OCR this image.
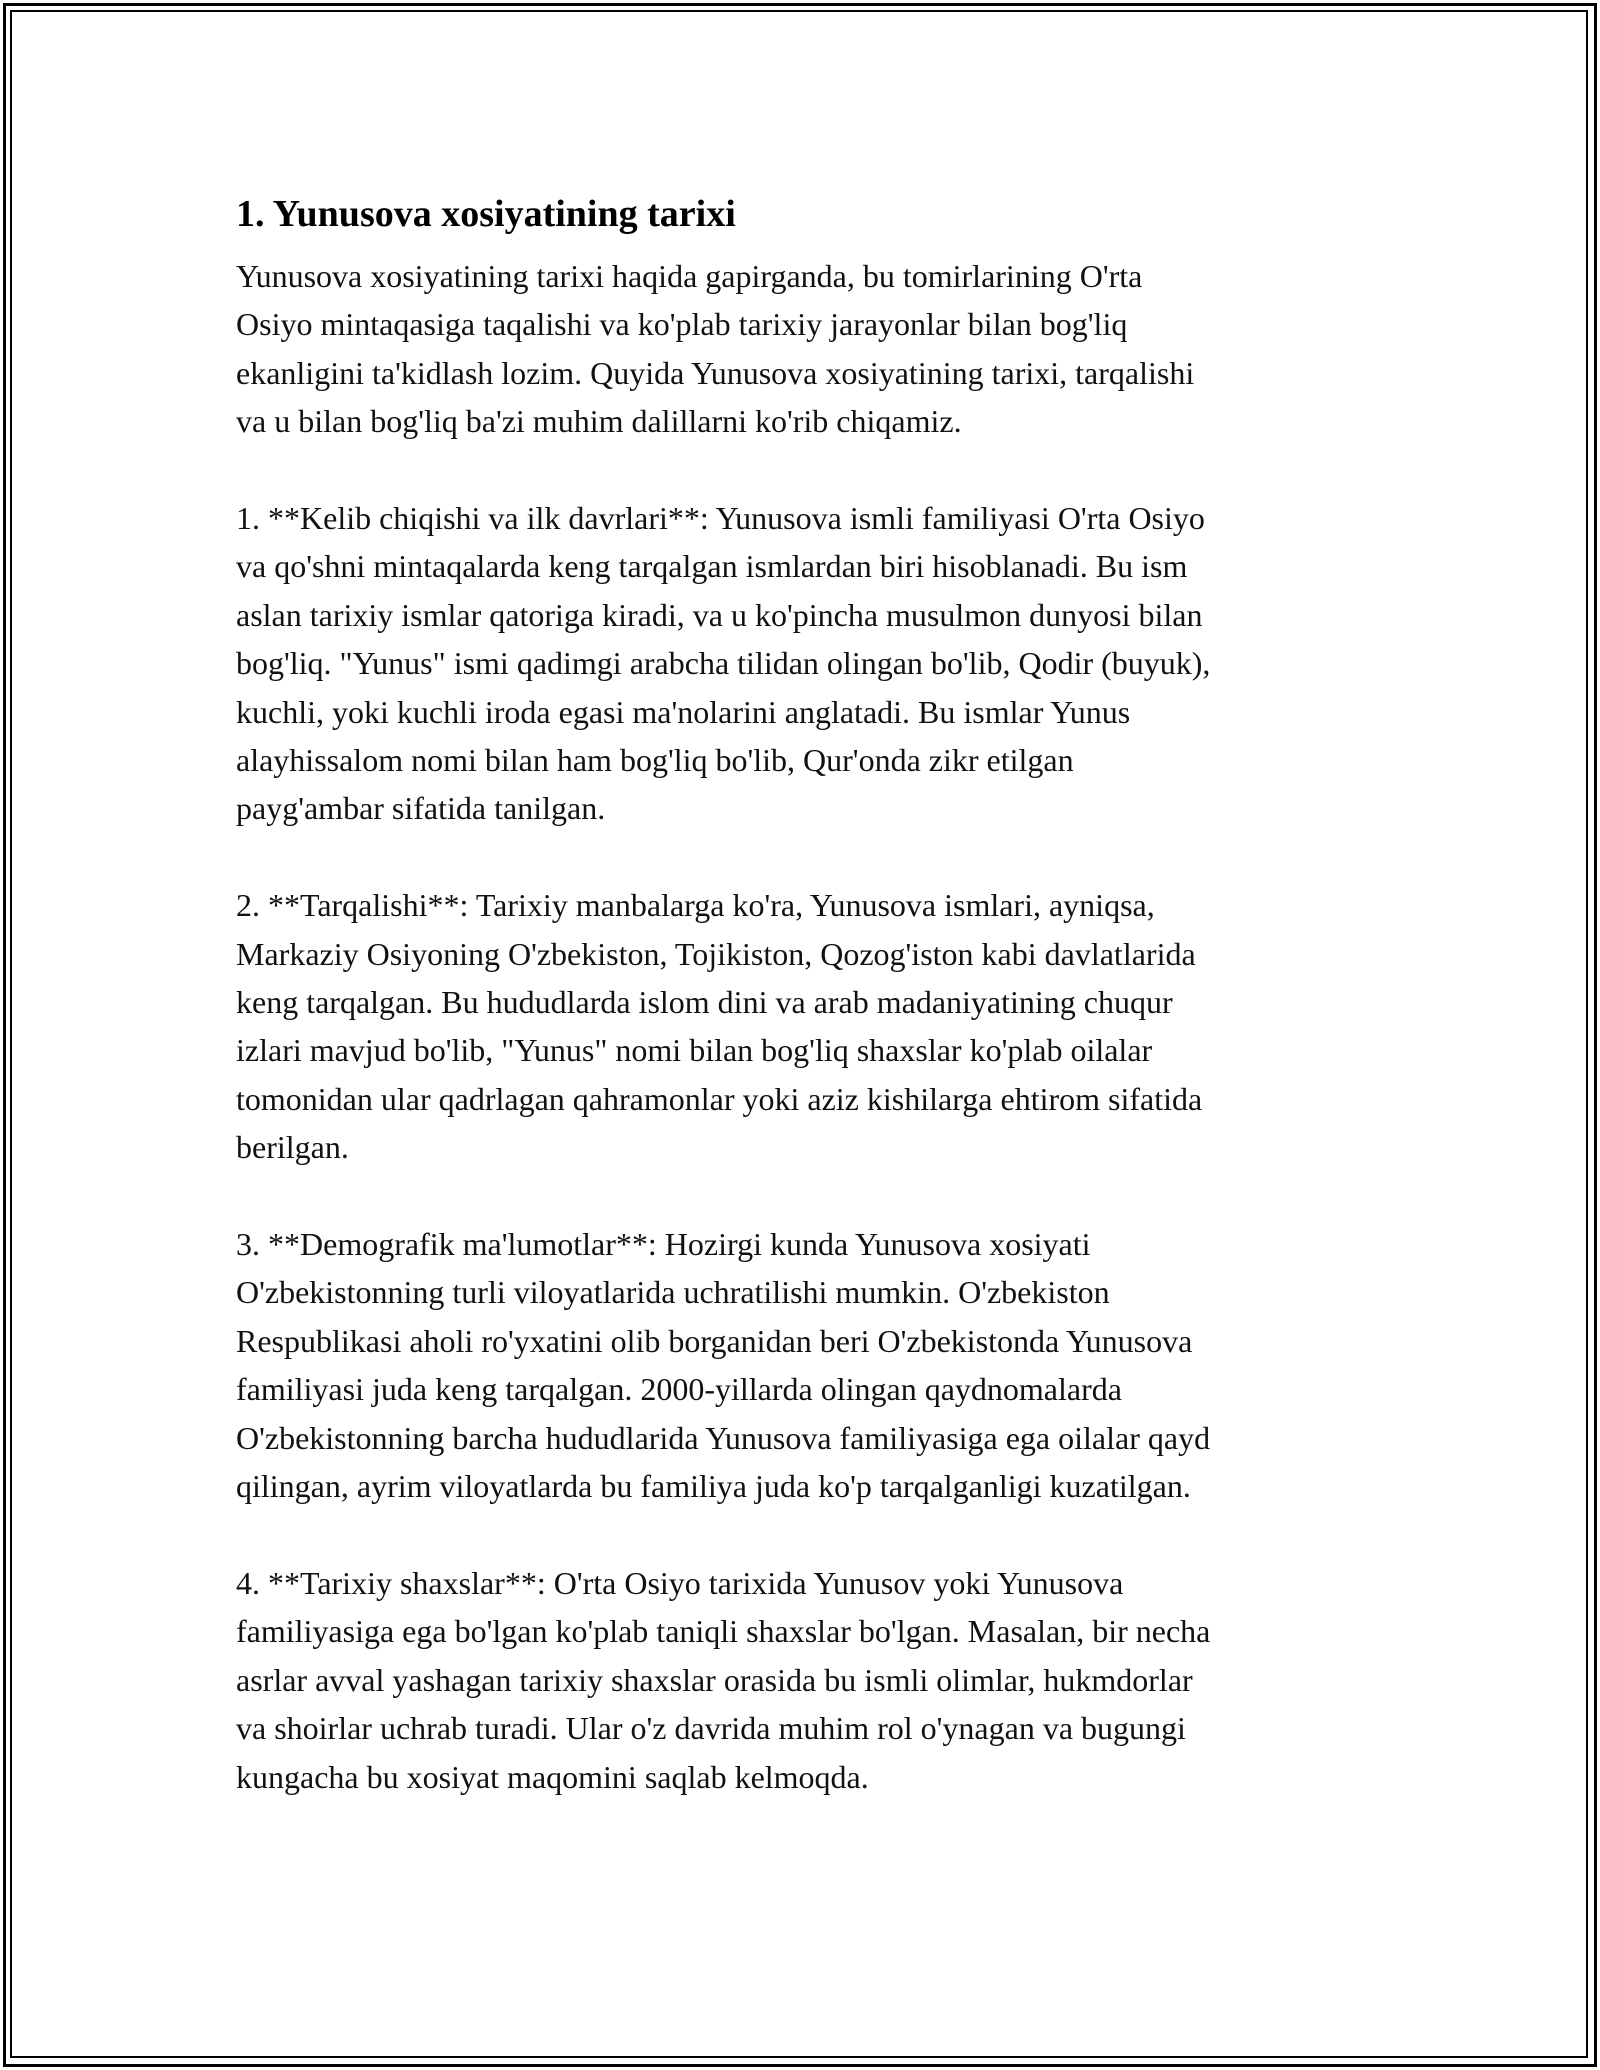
1. Yunusova xosiyatining tarixi

Yunusova xosiyatining tarixi haqida gapirganda, bu tomirlarining O'rta
Osiyo mintaqasiga taqalishi va ko'plab tarixiy jarayonlar bilan bog'liq
ekanligini ta'kidlash lozim. Quyida Yunusova xosiyatining tarixi, tarqalishi
va u bilan bog'liq ba'zi muhim dalillarni ko'rib chiqamiz.

1. **Kelib chiqishi va ilk davrlari**: Yunusova ismli familiyasi O'rta Osiyo
va qo'shni mintaqalarda keng tarqalgan ismlardan biri hisoblanadi. Bu ism
aslan tarixiy ismlar qatoriga kiradi, va u ko'pincha musulmon dunyosi bilan
bog'liq. "Yunus" ismi qadimgi arabcha tilidan olingan bo'lib, Qodir (buyuk),
kuchli, yoki kuchli iroda egasi ma'nolarini anglatadi. Bu ismlar Yunus
alayhissalom nomi bilan ham bog'liq bo'lib, Qur'onda zikr etilgan
payg'ambar sifatida tanilgan.

2. **Tarqalishi**: Tarixiy manbalarga ko'ra, Yunusova ismlari, ayniqsa,
Markaziy Osiyoning O'zbekiston, Tojikiston, Qozog'iston kabi davlatlarida
keng tarqalgan. Bu hududlarda islom dini va arab madaniyatining chuqur
izlari mavjud bo'lib, "Yunus" nomi bilan bog'liq shaxslar ko'plab oilalar
tomonidan ular qadrlagan qahramonlar yoki aziz kishilarga ehtirom sifatida
berilgan.

3. **Demografik ma'lumotlar**: Hozirgi kunda Yunusova xosiyati
O'zbekistonning turli viloyatlarida uchratilishi mumkin. O'zbekiston
Respublikasi aholi ro'yxatini olib borganidan beri O'zbekistonda Yunusova
familiyasi juda keng tarqalgan. 2000-yillarda olingan qaydnomalarda
O'zbekistonning barcha hududlarida Yunusova familiyasiga ega oilalar qayd
qilingan, ayrim viloyatlarda bu familiya juda ko'p tarqalganligi kuzatilgan.

4. **Tarixiy shaxslar**: O'rta Osiyo tarixida Yunusov yoki Yunusova
familiyasiga ega bo'lgan ko'plab taniqli shaxslar bo'lgan. Masalan, bir necha
asrlar avval yashagan tarixiy shaxslar orasida bu ismli olimlar, hukmdorlar
va shoirlar uchrab turadi. Ular o'z davrida muhim rol o'ynagan va bugungi
kungacha bu xosiyat maqomini saqlab kelmoqda.
